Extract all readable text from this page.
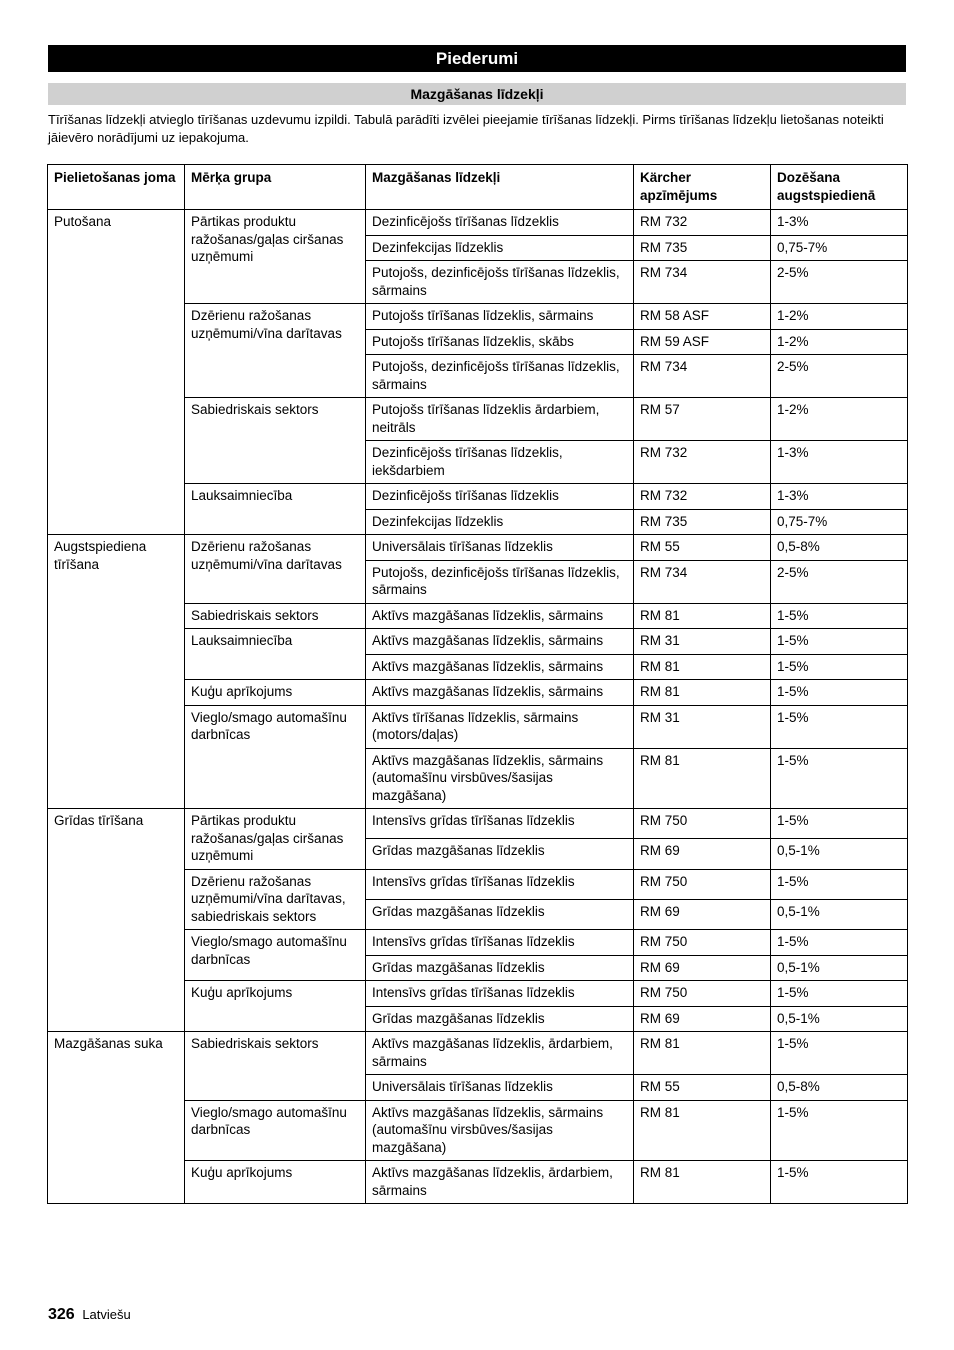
Piederumi
Mazgāšanas līdzekļi
Tīrīšanas līdzekļi atvieglo tīrīšanas uzdevumu izpildi. Tabulā parādīti izvēlei pieejamie tīrīšanas līdzekļi. Pirms tīrīšanas līdzekļu lietošanas noteikti jāievēro norādījumi uz iepakojuma.
Pielietošanas joma	Mērķa grupa	Mazgāšanas līdzekļi	Kärcher apzīmējums	Dozēšana augstspiedienā
Putošana	Pārtikas produktu ražošanas/gaļas ciršanas uzņēmumi	Dezinficējošs tīrīšanas līdzeklis	RM 732	1-3%
		Dezinfekcijas līdzeklis	RM 735	0,75-7%
		Putojošs, dezinficējošs tīrīšanas līdzeklis, sārmains	RM 734	2-5%
	Dzērienu ražošanas uzņēmumi/vīna darītavas	Putojošs tīrīšanas līdzeklis, sārmains	RM 58 ASF	1-2%
		Putojošs tīrīšanas līdzeklis, skābs	RM 59 ASF	1-2%
		Putojošs, dezinficējošs tīrīšanas līdzeklis, sārmains	RM 734	2-5%
	Sabiedriskais sektors	Putojošs tīrīšanas līdzeklis ārdarbiem, neitrāls	RM 57	1-2%
		Dezinficējošs tīrīšanas līdzeklis, iekšdarbiem	RM 732	1-3%
	Lauksaimniecība	Dezinficējošs tīrīšanas līdzeklis	RM 732	1-3%
		Dezinfekcijas līdzeklis	RM 735	0,75-7%
Augstspiediena tīrīšana	Dzērienu ražošanas uzņēmumi/vīna darītavas	Universālais tīrīšanas līdzeklis	RM 55	0,5-8%
		Putojošs, dezinficējošs tīrīšanas līdzeklis, sārmains	RM 734	2-5%
	Sabiedriskais sektors	Aktīvs mazgāšanas līdzeklis, sārmains	RM 81	1-5%
	Lauksaimniecība	Aktīvs mazgāšanas līdzeklis, sārmains	RM 31	1-5%
		Aktīvs mazgāšanas līdzeklis, sārmains	RM 81	1-5%
	Kuģu aprīkojums	Aktīvs mazgāšanas līdzeklis, sārmains	RM 81	1-5%
	Vieglo/smago automašīnu darbnīcas	Aktīvs tīrīšanas līdzeklis, sārmains (motors/daļas)	RM 31	1-5%
		Aktīvs mazgāšanas līdzeklis, sārmains (automašīnu virsbūves/šasijas mazgāšana)	RM 81	1-5%
Grīdas tīrīšana	Pārtikas produktu ražošanas/gaļas ciršanas uzņēmumi	Intensīvs grīdas tīrīšanas līdzeklis	RM 750	1-5%
		Grīdas mazgāšanas līdzeklis	RM 69	0,5-1%
	Dzērienu ražošanas uzņēmumi/vīna darītavas, sabiedriskais sektors	Intensīvs grīdas tīrīšanas līdzeklis	RM 750	1-5%
		Grīdas mazgāšanas līdzeklis	RM 69	0,5-1%
	Vieglo/smago automašīnu darbnīcas	Intensīvs grīdas tīrīšanas līdzeklis	RM 750	1-5%
		Grīdas mazgāšanas līdzeklis	RM 69	0,5-1%
	Kuģu aprīkojums	Intensīvs grīdas tīrīšanas līdzeklis	RM 750	1-5%
		Grīdas mazgāšanas līdzeklis	RM 69	0,5-1%
Mazgāšanas suka	Sabiedriskais sektors	Aktīvs mazgāšanas līdzeklis, ārdarbiem, sārmains	RM 81	1-5%
		Universālais tīrīšanas līdzeklis	RM 55	0,5-8%
	Vieglo/smago automašīnu darbnīcas	Aktīvs mazgāšanas līdzeklis, sārmains (automašīnu virsbūves/šasijas mazgāšana)	RM 81	1-5%
	Kuģu aprīkojums	Aktīvs mazgāšanas līdzeklis, ārdarbiem, sārmains	RM 81	1-5%
326 Latviešu
